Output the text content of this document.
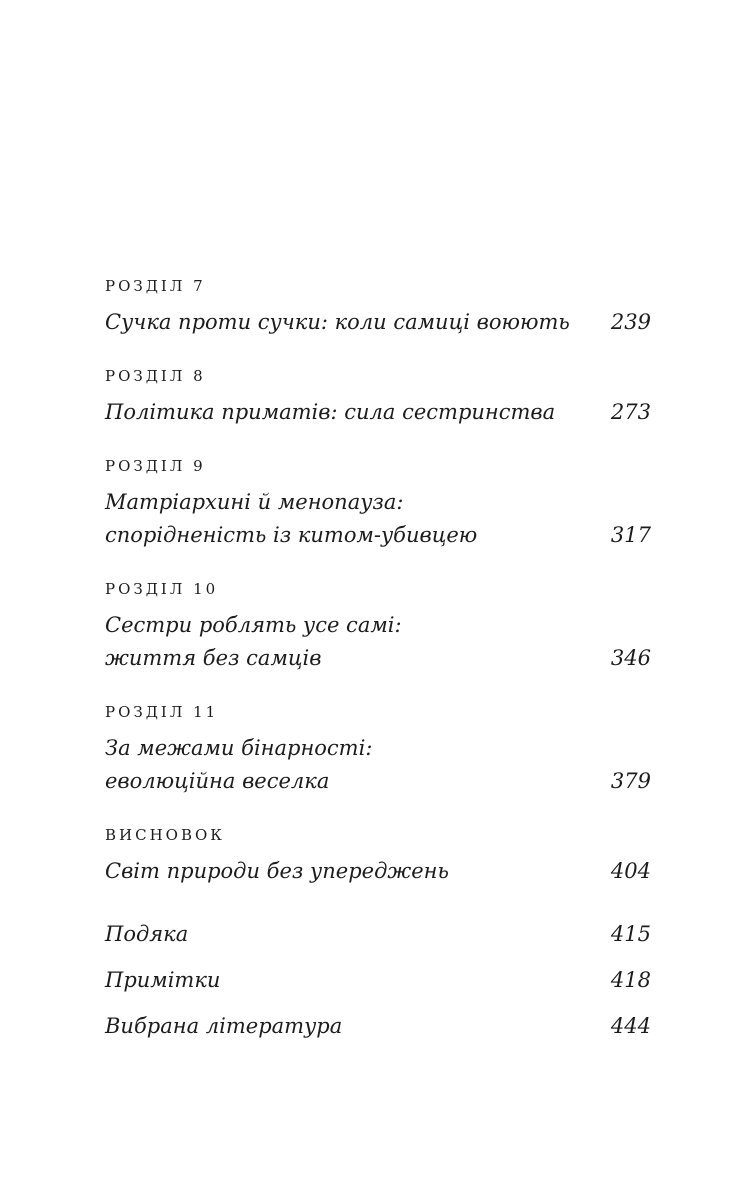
РОЗДІЛ 7
Сучка проти сучки: коли самиці воюють	239
РОЗДІЛ 8
Політика приматів: сила сестринства	273
РОЗДІЛ 9
Матріархині й менопауза:
спорідненість із китом-убивцею	317
РОЗДІЛ 10
Сестри роблять усе самі:
життя без самців	346
РОЗДІЛ 11
За межами бінарності:
еволюційна веселка	379
ВИСНОВОК
Світ природи без упереджень	404
Подяка	415
Примітки	418
Вибрана література	444
